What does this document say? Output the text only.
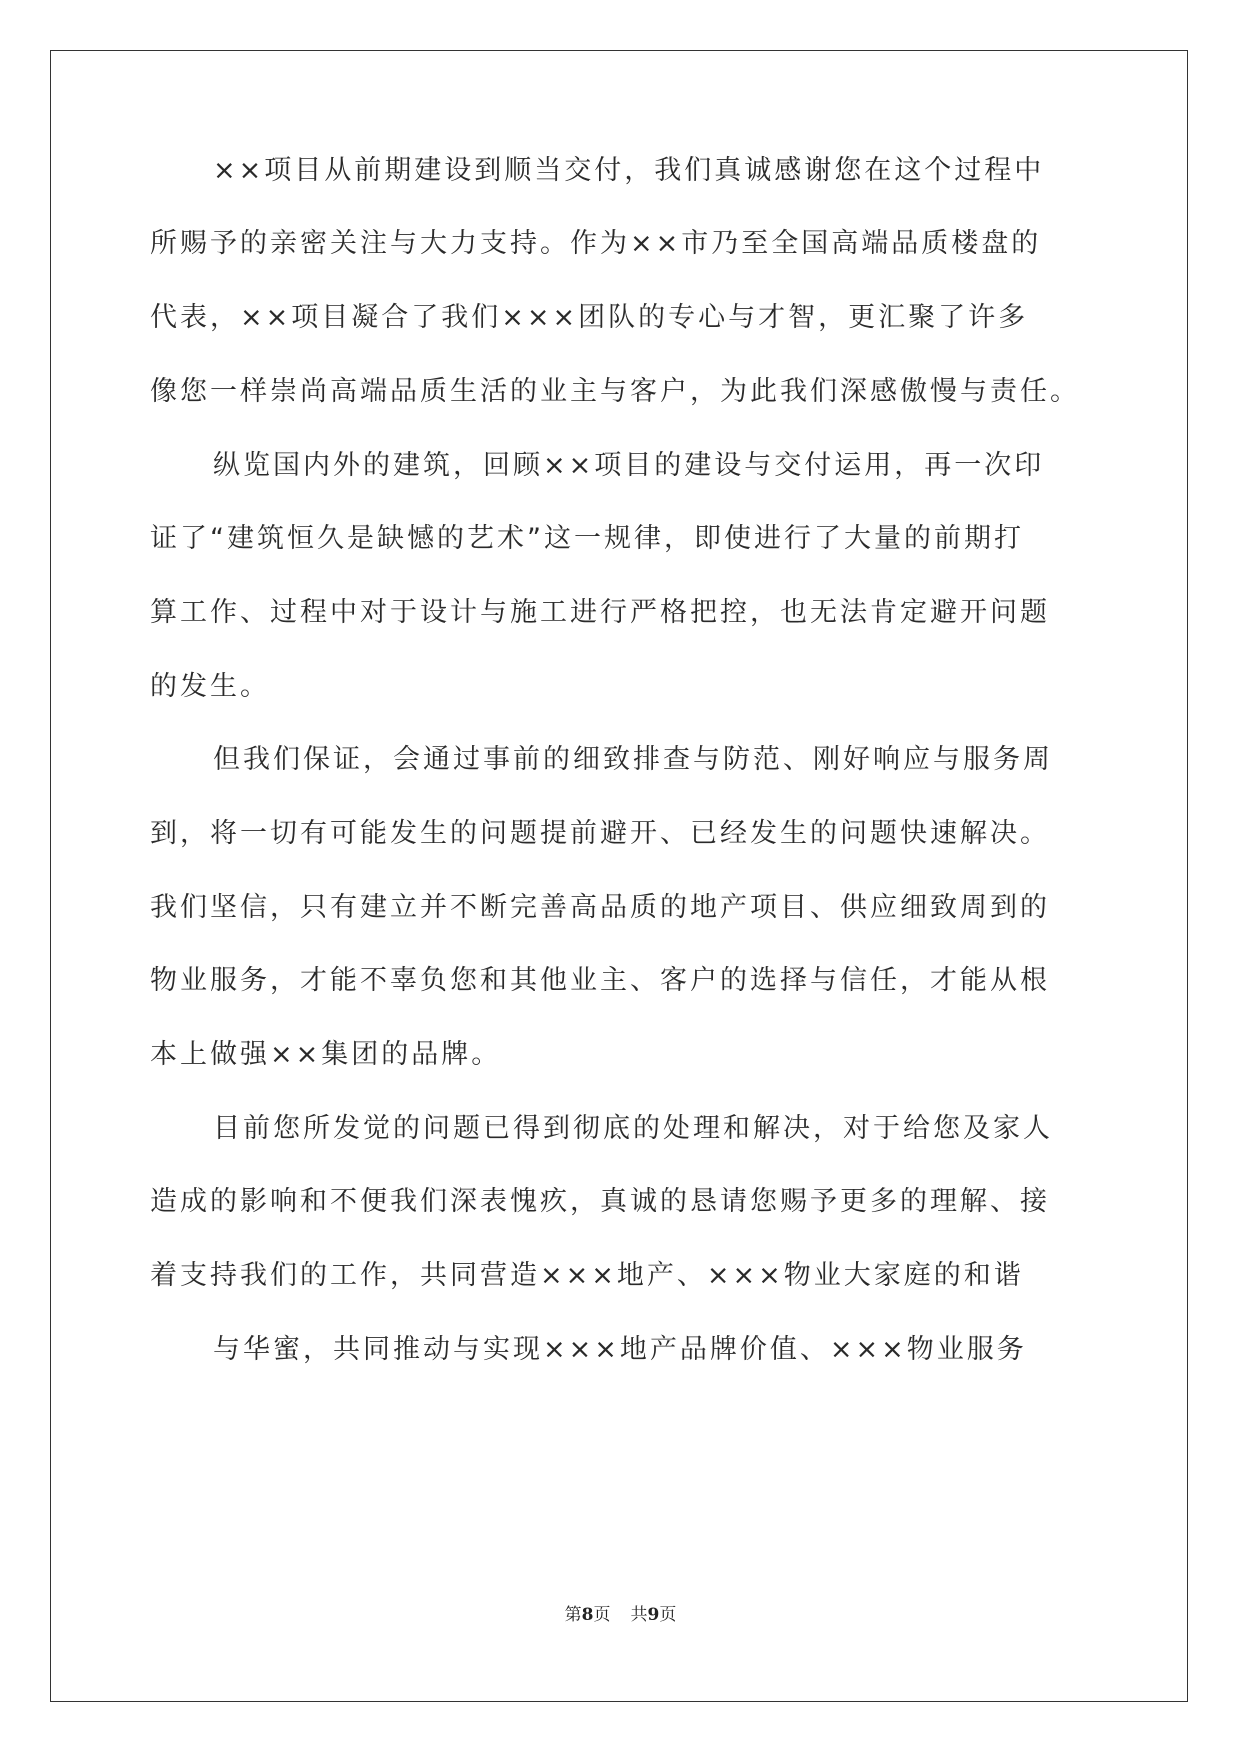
××项目从前期建设到顺当交付，我们真诚感谢您在这个过程中
所赐予的亲密关注与大力支持。作为××市乃至全国高端品质楼盘的
代表，××项目凝合了我们×××团队的专心与才智，更汇聚了许多
像您一样崇尚高端品质生活的业主与客户，为此我们深感傲慢与责任。
纵览国内外的建筑，回顾××项目的建设与交付运用，再一次印
证了“建筑恒久是缺憾的艺术”这一规律，即使进行了大量的前期打
算工作、过程中对于设计与施工进行严格把控，也无法肯定避开问题
的发生。
但我们保证，会通过事前的细致排查与防范、刚好响应与服务周
到，将一切有可能发生的问题提前避开、已经发生的问题快速解决。
我们坚信，只有建立并不断完善高品质的地产项目、供应细致周到的
物业服务，才能不辜负您和其他业主、客户的选择与信任，才能从根
本上做强××集团的品牌。
目前您所发觉的问题已得到彻底的处理和解决，对于给您及家人
造成的影响和不便我们深表愧疚，真诚的恳请您赐予更多的理解、接
着支持我们的工作，共同营造×××地产、×××物业大家庭的和谐
与华蜜，共同推动与实现×××地产品牌价值、×××物业服务
第8页 共9页
